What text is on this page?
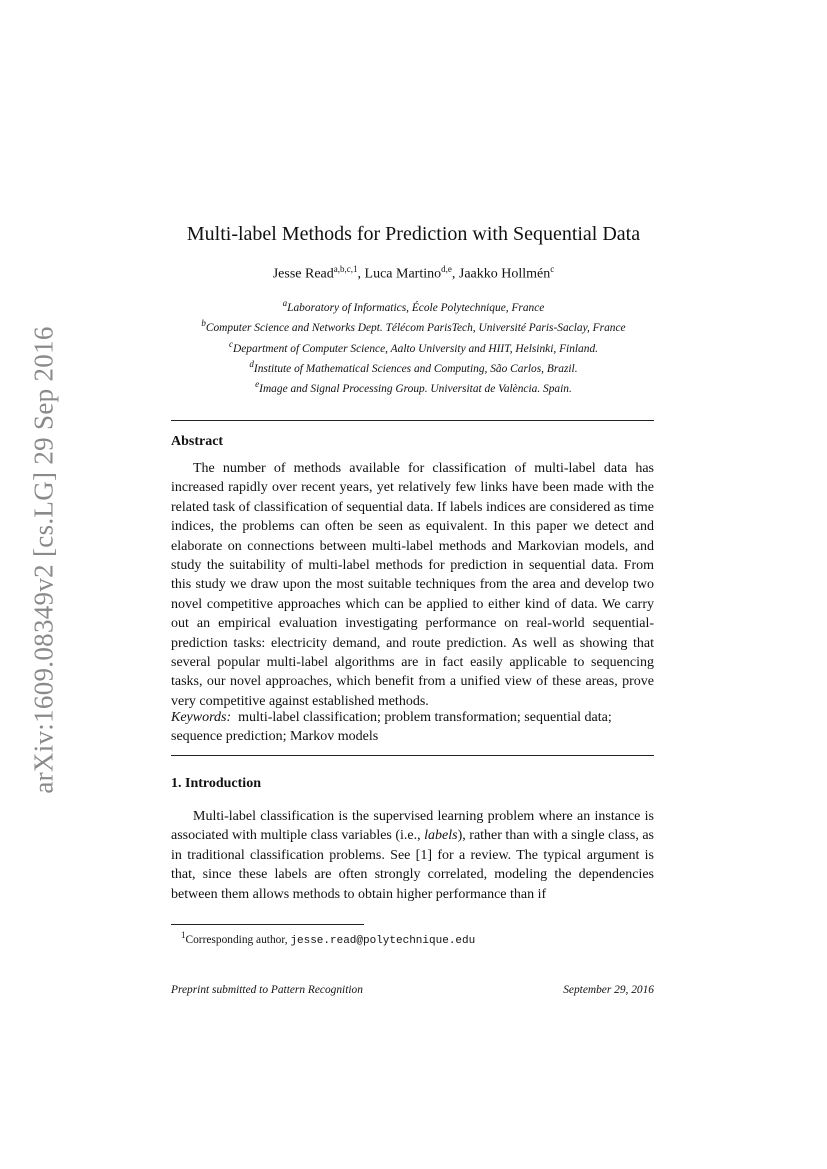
arXiv:1609.08349v2 [cs.LG] 29 Sep 2016
Multi-label Methods for Prediction with Sequential Data
Jesse Read$^{a,b,c,1}$, Luca Martino$^{d,e}$, Jaakko Hollmén$^c$
$^a$Laboratory of Informatics, École Polytechnique, France
$^b$Computer Science and Networks Dept. Télécom ParisTech, Université Paris-Saclay, France
$^c$Department of Computer Science, Aalto University and HIIT, Helsinki, Finland.
$^d$Institute of Mathematical Sciences and Computing, São Carlos, Brazil.
$^e$Image and Signal Processing Group. Universitat de València. Spain.
Abstract
The number of methods available for classification of multi-label data has increased rapidly over recent years, yet relatively few links have been made with the related task of classification of sequential data. If labels indices are considered as time indices, the problems can often be seen as equivalent. In this paper we detect and elaborate on connections between multi-label methods and Markovian models, and study the suitability of multi-label methods for prediction in sequential data. From this study we draw upon the most suitable techniques from the area and develop two novel competitive approaches which can be applied to either kind of data. We carry out an empirical evaluation investigating performance on real-world sequential-prediction tasks: electricity demand, and route prediction. As well as showing that several popular multi-label algorithms are in fact easily applicable to sequencing tasks, our novel approaches, which benefit from a unified view of these areas, prove very competitive against established methods.
Keywords: multi-label classification; problem transformation; sequential data; sequence prediction; Markov models
1. Introduction
Multi-label classification is the supervised learning problem where an instance is associated with multiple class variables (i.e., labels), rather than with a single class, as in traditional classification problems. See [1] for a review. The typical argument is that, since these labels are often strongly correlated, modeling the dependencies between them allows methods to obtain higher performance than if
$^1$Corresponding author, jesse.read@polytechnique.edu
Preprint submitted to Pattern Recognition	September 29, 2016
